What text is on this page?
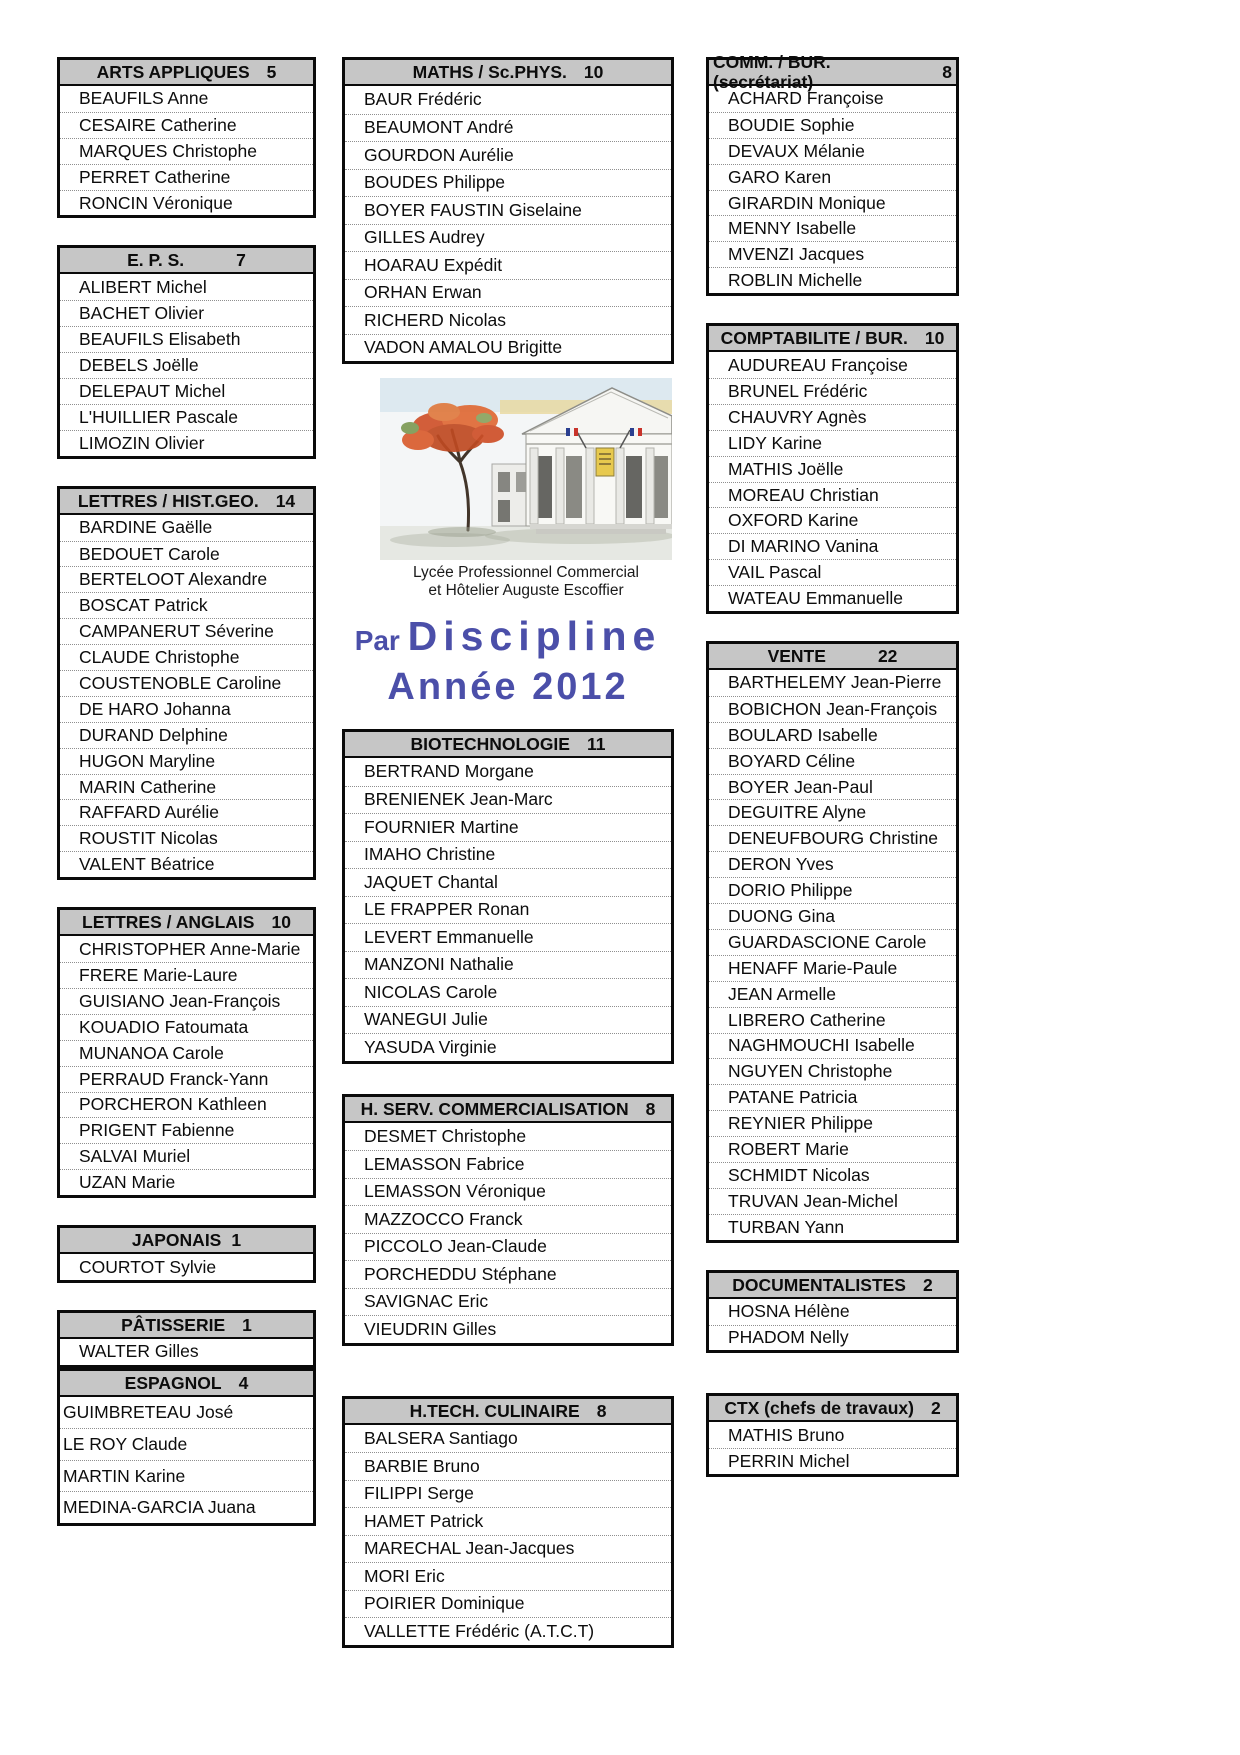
ARTS APPLIQUES 5
BEAUFILS Anne
CESAIRE Catherine
MARQUES Christophe
PERRET Catherine
RONCIN Véronique
E. P. S.	7
ALIBERT Michel
BACHET Olivier
BEAUFILS Elisabeth
DEBELS Joëlle
DELEPAUT Michel
L'HUILLIER Pascale
LIMOZIN Olivier
LETTRES / HIST.GEO. 14
BARDINE Gaëlle
BEDOUET Carole
BERTELOOT Alexandre
BOSCAT Patrick
CAMPANERUT Séverine
CLAUDE Christophe
COUSTENOBLE Caroline
DE HARO Johanna
DURAND Delphine
HUGON Maryline
MARIN Catherine
RAFFARD Aurélie
ROUSTIT Nicolas
VALENT Béatrice
LETTRES / ANGLAIS 10
CHRISTOPHER Anne-Marie
FRERE Marie-Laure
GUISIANO Jean-François
KOUADIO Fatoumata
MUNANOA Carole
PERRAUD Franck-Yann
PORCHERON Kathleen
PRIGENT Fabienne
SALVAI Muriel
UZAN Marie
JAPONAIS 1
COURTOT Sylvie
PÂTISSERIE 1
WALTER Gilles
ESPAGNOL 4
GUIMBRETEAU José
LE ROY Claude
MARTIN Karine
MEDINA-GARCIA Juana
MATHS / Sc.PHYS. 10
BAUR Frédéric
BEAUMONT André
GOURDON Aurélie
BOUDES Philippe
BOYER FAUSTIN Giselaine
GILLES Audrey
HOARAU Expédit
ORHAN Erwan
RICHERD Nicolas
VADON AMALOU Brigitte
Lycée Professionnel Commercial
et Hôtelier Auguste Escoffier
Par Discipline
Année 2012
BIOTECHNOLOGIE 11
BERTRAND Morgane
BRENIENEK Jean-Marc
FOURNIER Martine
IMAHO Christine
JAQUET Chantal
LE FRAPPER Ronan
LEVERT Emmanuelle
MANZONI Nathalie
NICOLAS Carole
WANEGUI Julie
YASUDA Virginie
H. SERV. COMMERCIALISATION 8
DESMET Christophe
LEMASSON Fabrice
LEMASSON Véronique
MAZZOCCO Franck
PICCOLO Jean-Claude
PORCHEDDU Stéphane
SAVIGNAC Eric
VIEUDRIN Gilles
H.TECH. CULINAIRE 8
BALSERA Santiago
BARBIE Bruno
FILIPPI Serge
HAMET Patrick
MARECHAL Jean-Jacques
MORI Eric
POIRIER Dominique
VALLETTE Frédéric (A.T.C.T)
COMM. / BUR. (secrétariat)	8
ACHARD Françoise
BOUDIE Sophie
DEVAUX Mélanie
GARO Karen
GIRARDIN Monique
MENNY Isabelle
MVENZI Jacques
ROBLIN Michelle
COMPTABILITE / BUR. 10
AUDUREAU Françoise
BRUNEL Frédéric
CHAUVRY Agnès
LIDY Karine
MATHIS Joëlle
MOREAU Christian
OXFORD Karine
DI MARINO Vanina
VAIL Pascal
WATEAU Emmanuelle
VENTE	22
BARTHELEMY Jean-Pierre
BOBICHON Jean-François
BOULARD Isabelle
BOYARD Céline
BOYER Jean-Paul
DEGUITRE Alyne
DENEUFBOURG Christine
DERON Yves
DORIO Philippe
DUONG Gina
GUARDASCIONE Carole
HENAFF Marie-Paule
JEAN Armelle
LIBRERO Catherine
NAGHMOUCHI Isabelle
NGUYEN Christophe
PATANE Patricia
REYNIER Philippe
ROBERT Marie
SCHMIDT Nicolas
TRUVAN Jean-Michel
TURBAN Yann
DOCUMENTALISTES 2
HOSNA Hélène
PHADOM Nelly
CTX (chefs de travaux) 2
MATHIS Bruno
PERRIN Michel
